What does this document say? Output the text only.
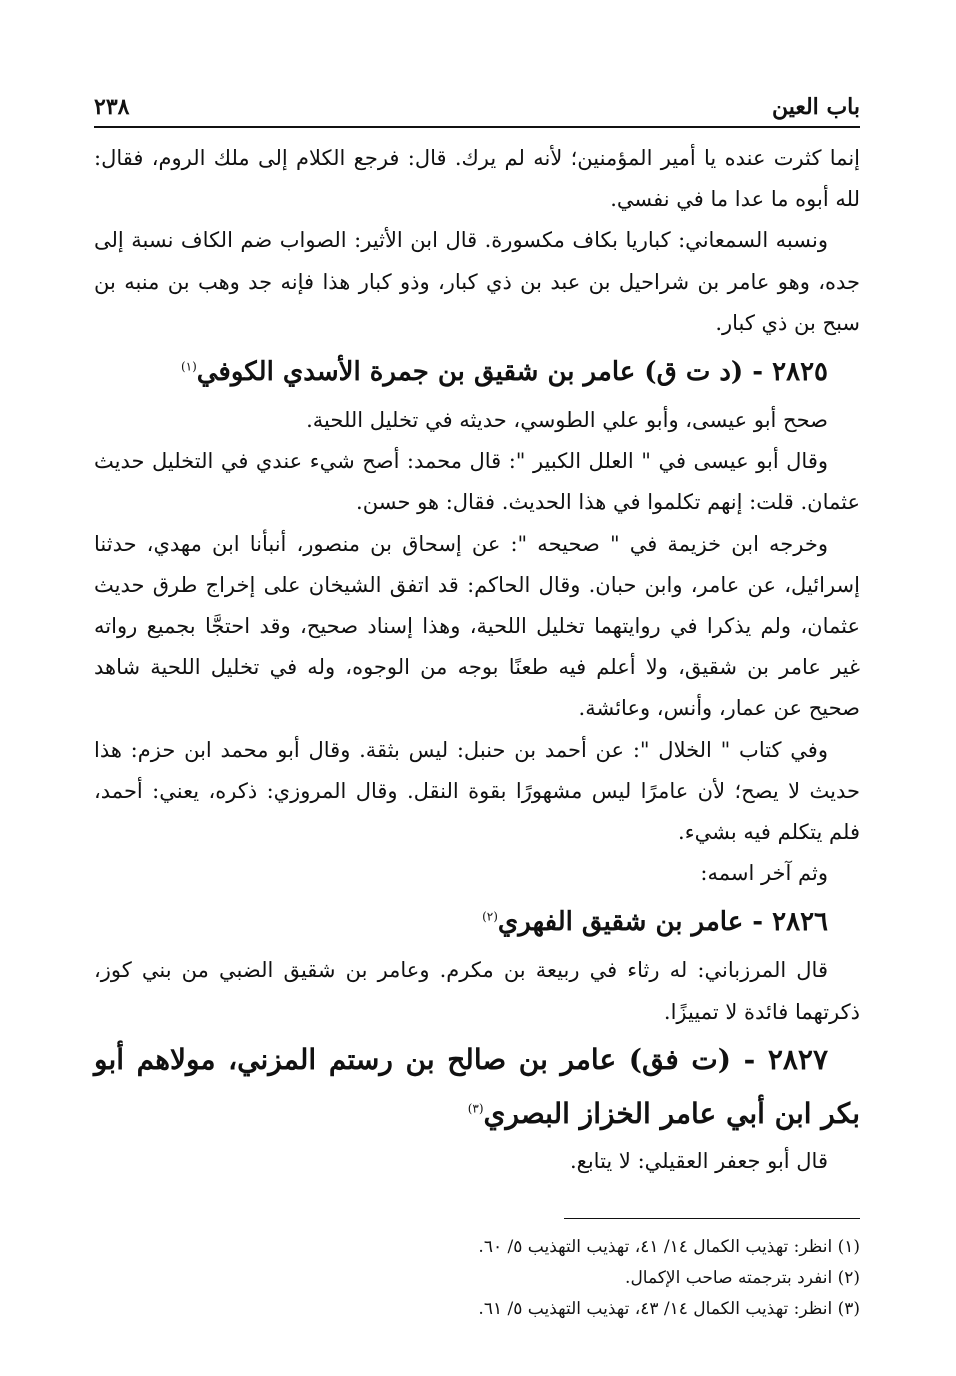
باب العين
٢٣٨

إنما كثرت عنده يا أمير المؤمنين؛ لأنه لم يرك. قال: فرجع الكلام إلى ملك الروم، فقال: لله أبوه ما عدا ما في نفسي.

ونسبه السمعاني: كباريا بكاف مكسورة. قال ابن الأثير: الصواب ضم الكاف نسبة إلى جده، وهو عامر بن شراحيل بن عبد بن ذي كبار، وذو كبار هذا فإنه جد وهب بن منبه بن سبح بن ذي كبار.

٢٨٢٥ - (د ت ق) عامر بن شقيق بن جمرة الأسدي الكوفي$^{(١)}$

صحح أبو عيسى، وأبو علي الطوسي، حديثه في تخليل اللحية.

وقال أبو عيسى في " العلل الكبير ": قال محمد: أصح شيء عندي في التخليل حديث عثمان. قلت: إنهم تكلموا في هذا الحديث. فقال: هو حسن.

وخرجه ابن خزيمة في " صحيحه ": عن إسحاق بن منصور، أنبأنا ابن مهدي، حدثنا إسرائيل، عن عامر، وابن حبان. وقال الحاكم: قد اتفق الشيخان على إخراج طرق حديث عثمان، ولم يذكرا في روايتهما تخليل اللحية، وهذا إسناد صحيح، وقد احتجَّا بجميع رواته غير عامر بن شقيق، ولا أعلم فيه طعنًا بوجه من الوجوه، وله في تخليل اللحية شاهد صحيح عن عمار، وأنس، وعائشة.

وفي كتاب " الخلال ": عن أحمد بن حنبل: ليس بثقة. وقال أبو محمد ابن حزم: هذا حديث لا يصح؛ لأن عامرًا ليس مشهورًا بقوة النقل. وقال المروزي: ذكره، يعني: أحمد، فلم يتكلم فيه بشيء.

وثم آخر اسمه:

٢٨٢٦ - عامر بن شقيق الفهري$^{(٢)}$

قال المرزباني: له رثاء في ربيعة بن مكرم. وعامر بن شقيق الضبي من بني كوز، ذكرتهما فائدة لا تمييزًا.

٢٨٢٧ - (ت فق) عامر بن صالح بن رستم المزني، مولاهم أبو بكر ابن أبي عامر الخزاز البصري$^{(٣)}$

قال أبو جعفر العقيلي: لا يتابع.

(١) انظر: تهذيب الكمال ١٤/ ٤١، تهذيب التهذيب ٥/ ٦٠.

(٢) انفرد بترجمته صاحب الإكمال.

(٣) انظر: تهذيب الكمال ١٤/ ٤٣، تهذيب التهذيب ٥/ ٦١.
